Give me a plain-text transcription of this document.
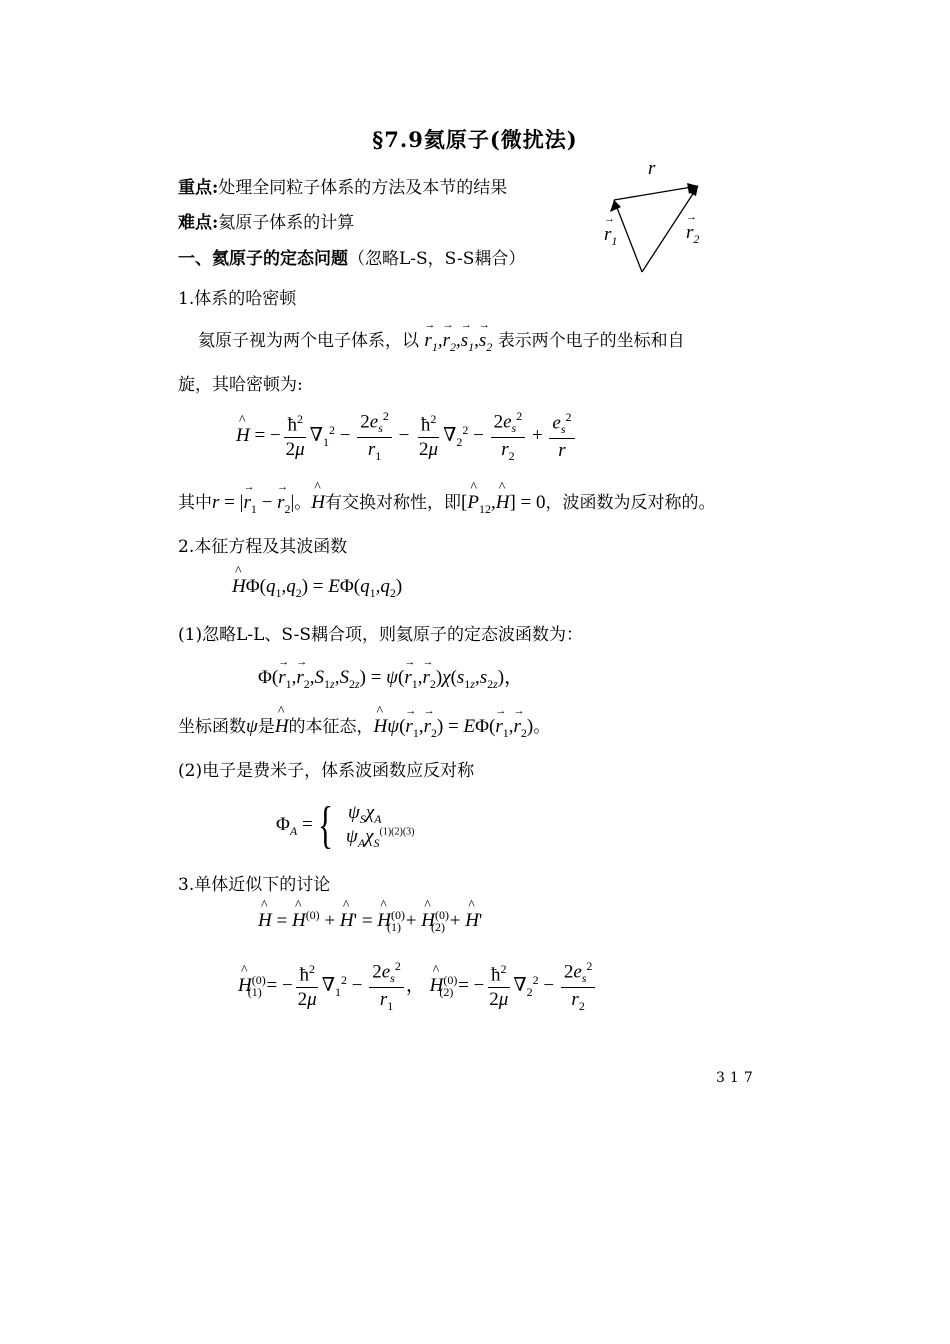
§7.9氦原子(微扰法)
r
→ $r_1$	→ $r_2$
重点:处理全同粒子体系的方法及本节的结果
难点:氦原子体系的计算
一、氦原子的定态问题（忽略L-S，S-S耦合）
1.体系的哈密顿
氦原子视为两个电子体系，以 → $r_1,\to r_2,\to s_1,\to s_2$ 表示两个电子的坐标和自
旋，其哈密顿为:
^ H = − $\frac{ħ^2}{2\mu} \nabla_1^2 - \frac{2e_s^2}{r_1} - \frac{ħ^2}{2\mu} \nabla_2^2 - \frac{2e_s^2}{r_2} + \frac{e_s^2}{r}$
其中r = |→ $r_1$ − → $r_2|$。^ H有交换对称性，即[^ $P_{12},\^{}$ H] = 0，波函数为反对称的。
2.本征方程及其波函数
^ $H\Phi(q_1,q_2) = E\Phi(q_1,q_2)$
(1)忽略L-L、S-S耦合项，则氦原子的定态波函数为：
$\Phi(\to r_1,\to r_2,S_{1z},S_{2z}) = \psi(\to r_1,\to r_2)\chi(s_{1z},s_{2z})$，
坐标函数ψ是^ H的本征态，^ $H\psi(\to r_1,\to r_2) = E\Phi(\to r_1,\to r_2)$。
(2)电子是费米子，体系波函数应反对称
$\Phi_A$ ={ $\psi_S\chi_A$
$\psi_A\chi_S^{(1)(2)(3)}$
3.单体近似下的讨论
^ H = ^ $H^{(0)}$ + ^ H' = ^ $H^{(0)}_{(1)}$ + ^ $H^{(0)}_{(2)}$ + ^ H'
^ $H^{(0)}_{(1)}$ = − $\frac{ħ^2}{2\mu} \nabla_1^2 - \frac{2e_s^2}{r_1}$ ， ^ $H^{(0)}_{(2)}$ = − $\frac{ħ^2}{2\mu} \nabla_2^2 - \frac{2e_s^2}{r_2}$
317
